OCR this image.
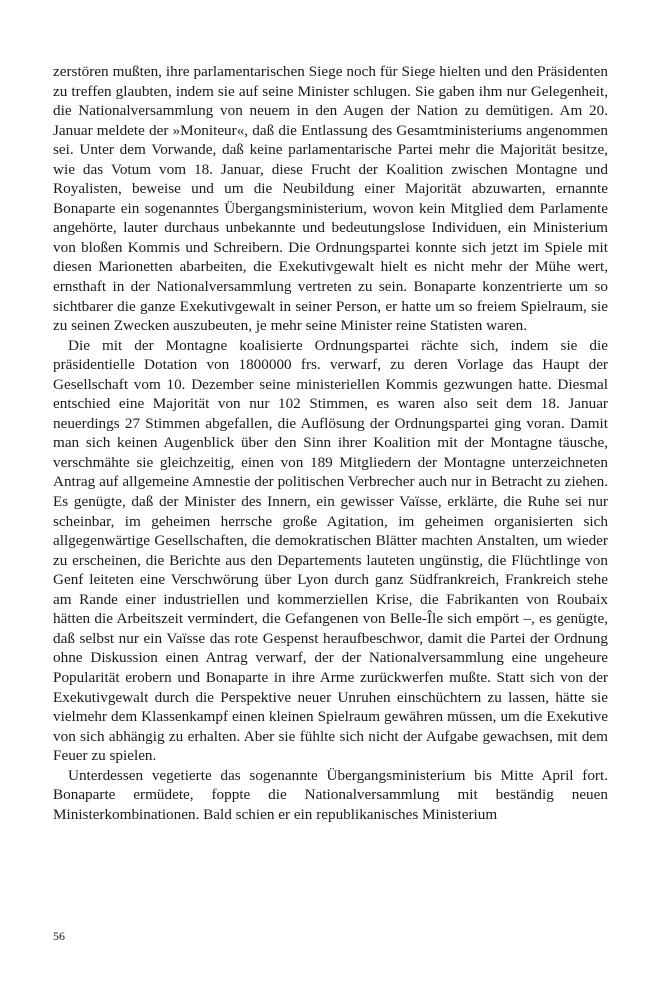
zerstören mußten, ihre parlamentarischen Siege noch für Siege hielten und den Präsidenten zu treffen glaubten, indem sie auf seine Minister schlugen. Sie gaben ihm nur Gelegenheit, die Nationalversammlung von neuem in den Augen der Nation zu demütigen. Am 20. Januar meldete der »Moniteur«, daß die Entlassung des Gesamtministeriums angenommen sei. Unter dem Vorwande, daß keine parlamentarische Partei mehr die Majorität besitze, wie das Votum vom 18. Januar, diese Frucht der Koalition zwischen Montagne und Royalisten, beweise und um die Neubildung einer Majorität abzuwarten, ernannte Bonaparte ein sogenanntes Übergangsministerium, wovon kein Mitglied dem Parlamente angehörte, lauter durchaus unbekannte und bedeutungslose Individuen, ein Ministerium von bloßen Kommis und Schreibern. Die Ordnungspartei konnte sich jetzt im Spiele mit diesen Marionetten abarbeiten, die Exekutivgewalt hielt es nicht mehr der Mühe wert, ernsthaft in der Nationalversammlung vertreten zu sein. Bonaparte konzentrierte um so sichtbarer die ganze Exekutivgewalt in seiner Person, er hatte um so freiem Spielraum, sie zu seinen Zwecken auszubeuten, je mehr seine Minister reine Statisten waren.

Die mit der Montagne koalisierte Ordnungspartei rächte sich, indem sie die präsidentielle Dotation von 1800000 frs. verwarf, zu deren Vorlage das Haupt der Gesellschaft vom 10. Dezember seine ministeriellen Kommis gezwungen hatte. Diesmal entschied eine Majorität von nur 102 Stimmen, es waren also seit dem 18. Januar neuerdings 27 Stimmen abgefallen, die Auflösung der Ordnungspartei ging voran. Damit man sich keinen Augenblick über den Sinn ihrer Koalition mit der Montagne täusche, verschmähte sie gleichzeitig, einen von 189 Mitgliedern der Montagne unterzeichneten Antrag auf allgemeine Amnestie der politischen Verbrecher auch nur in Betracht zu ziehen. Es genügte, daß der Minister des Innern, ein gewisser Vaïsse, erklärte, die Ruhe sei nur scheinbar, im geheimen herrsche große Agitation, im geheimen organisierten sich allgegenwärtige Gesellschaften, die demokratischen Blätter machten Anstalten, um wieder zu erscheinen, die Berichte aus den Departements lauteten ungünstig, die Flüchtlinge von Genf leiteten eine Verschwörung über Lyon durch ganz Südfrankreich, Frankreich stehe am Rande einer industriellen und kommerziellen Krise, die Fabrikanten von Roubaix hätten die Arbeitszeit vermindert, die Gefangenen von Belle-Île sich empört –, es genügte, daß selbst nur ein Vaïsse das rote Gespenst heraufbeschwor, damit die Partei der Ordnung ohne Diskussion einen Antrag verwarf, der der Nationalversammlung eine ungeheure Popularität erobern und Bonaparte in ihre Arme zurückwerfen mußte. Statt sich von der Exekutivgewalt durch die Perspektive neuer Unruhen einschüchtern zu lassen, hätte sie vielmehr dem Klassenkampf einen kleinen Spielraum gewähren müssen, um die Exekutive von sich abhängig zu erhalten. Aber sie fühlte sich nicht der Aufgabe gewachsen, mit dem Feuer zu spielen.

Unterdessen vegetierte das sogenannte Übergangsministerium bis Mitte April fort. Bonaparte ermüdete, foppte die Nationalversammlung mit beständig neuen Ministerkombinationen. Bald schien er ein republikanisches Ministerium

56
